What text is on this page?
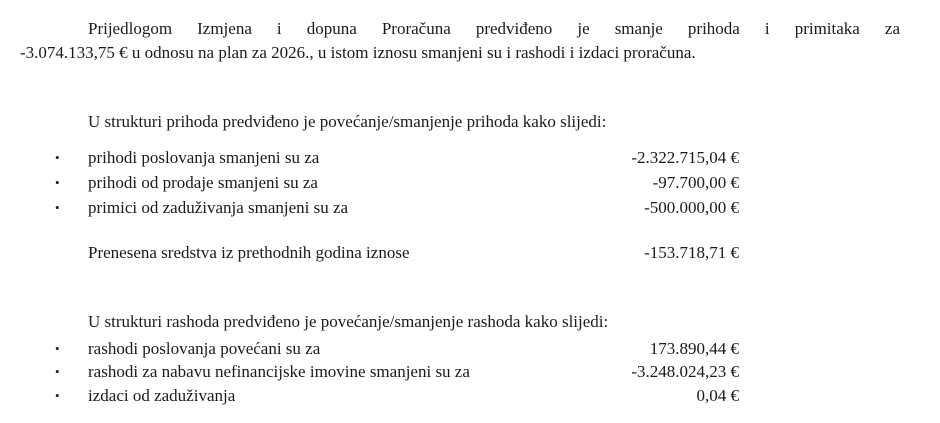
Prijedlogom Izmjena i dopuna Proračuna predviđeno je smanje prihoda i primitaka za
-3.074.133,75 € u odnosu na plan za 2026., u istom iznosu smanjeni su i rashodi i izdaci proračuna.
U strukturi prihoda predviđeno je povećanje/smanjenje prihoda kako slijedi:
• prihodi poslovanja smanjeni su za	-2.322.715,04 €
• prihodi od prodaje smanjeni su za	-97.700,00 €
• primici od zaduživanja smanjeni su za	-500.000,00 €
Prenesena sredstva iz prethodnih godina iznose	-153.718,71 €
U strukturi rashoda predviđeno je povećanje/smanjenje rashoda kako slijedi:
• rashodi poslovanja povećani su za	173.890,44 €
• rashodi za nabavu nefinancijske imovine smanjeni su za	-3.248.024,23 €
• izdaci od zaduživanja	0,04 €
